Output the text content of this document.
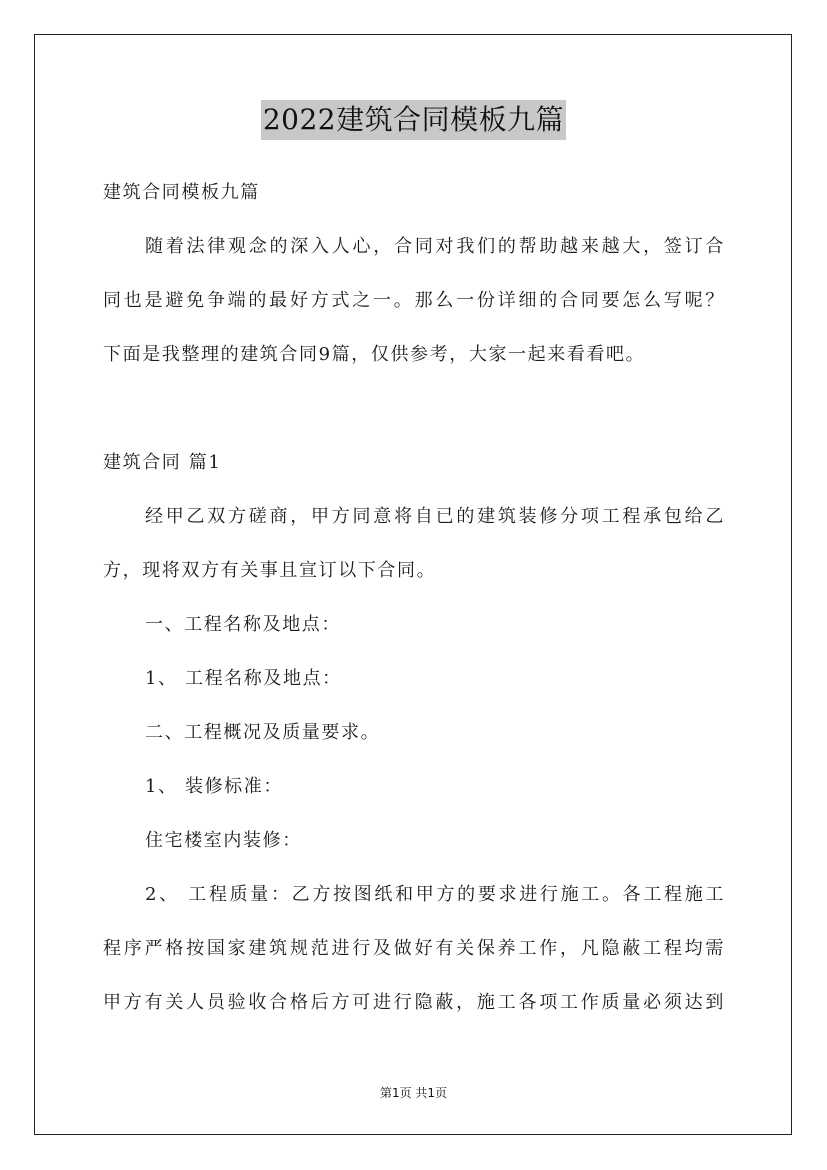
2022建筑合同模板九篇
建筑合同模板九篇
随着法律观念的深入人心，合同对我们的帮助越来越大，签订合
同也是避免争端的最好方式之一。那么一份详细的合同要怎么写呢？
下面是我整理的建筑合同9篇，仅供参考，大家一起来看看吧。
建筑合同 篇1
经甲乙双方磋商，甲方同意将自已的建筑装修分项工程承包给乙
方，现将双方有关事且宣订以下合同。
一、工程名称及地点：
1、 工程名称及地点：
二、工程概况及质量要求。
1、 装修标准：
住宅楼室内装修：
2、 工程质量：乙方按图纸和甲方的要求进行施工。各工程施工
程序严格按国家建筑规范进行及做好有关保养工作，凡隐蔽工程均需
甲方有关人员验收合格后方可进行隐蔽，施工各项工作质量必须达到
第1页 共1页
